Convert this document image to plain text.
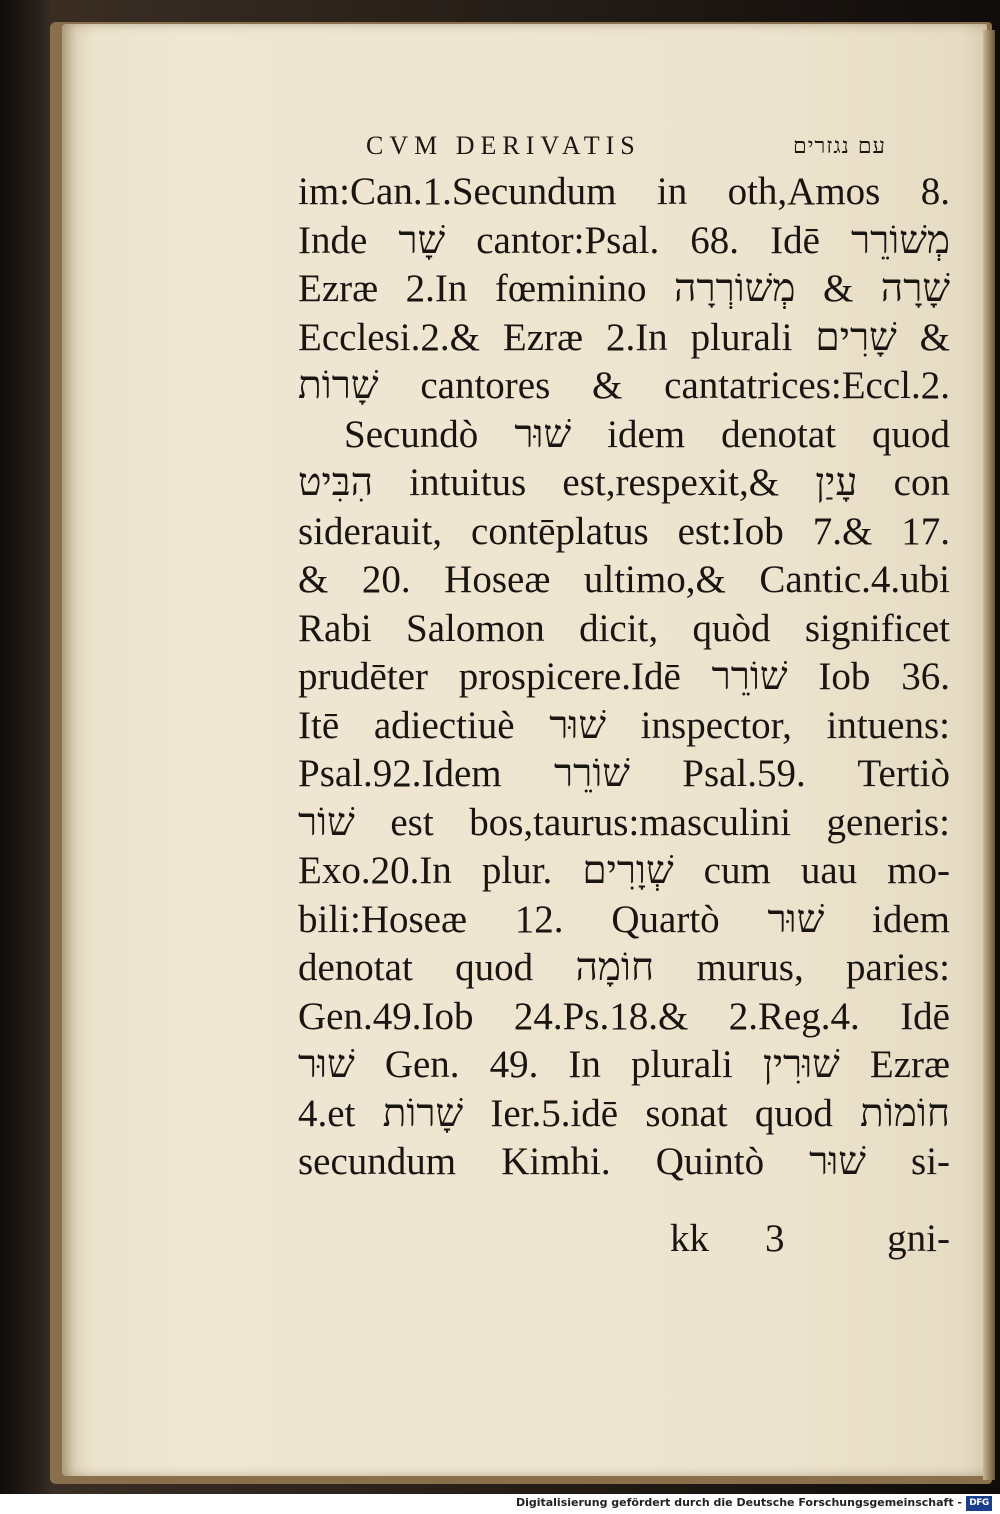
CVM DERIVATIS	עם נגזרים
im:Can.1.Secundum in oth,Amos 8.
Inde שָׁר cantor:Psal. 68. Idē מְשׁוֹרֵר
Ezræ 2.In fœminino שָׁרָה & מְשׁוֹרְרָה
Ecclesi.2.& Ezræ 2.In plurali שָׁרִים &
שָׁרוֹת cantores & cantatrices:Eccl.2.
Secundò שׁוּר idem denotat quod
הִבִּיט intuitus est,respexit,& עָיַן con
siderauit, contēplatus est:Iob 7.& 17.
& 20. Hoseæ ultimo,& Cantic.4.ubi
Rabi Salomon dicit, quòd significet
prudēter prospicere.Idē שׁוֹרֵר Iob 36.
Itē adiectiuè שׁוּר inspector, intuens:
Psal.92.Idem שׁוֹרֵר Psal.59. Tertiò
שׁוֹר est bos,taurus:masculini generis:
Exo.20.In plur. שְׁוָרִים cum uau mo-
bili:Hoseæ 12. Quartò שׁוּר idem
denotat quod חוֹמָה murus, paries:
Gen.49.Iob 24.Ps.18.& 2.Reg.4. Idē
שׁוּר Gen. 49. In plurali שׁוּרִין Ezræ
4.et שָׁרוֹת Ier.5.idē sonat quod חוֹמוֹת
secundum Kimhi. Quintò שׁוּר si-
kk 3	gni-
Digitalisierung gefördert durch die Deutsche Forschungsgemeinschaft - DFG
